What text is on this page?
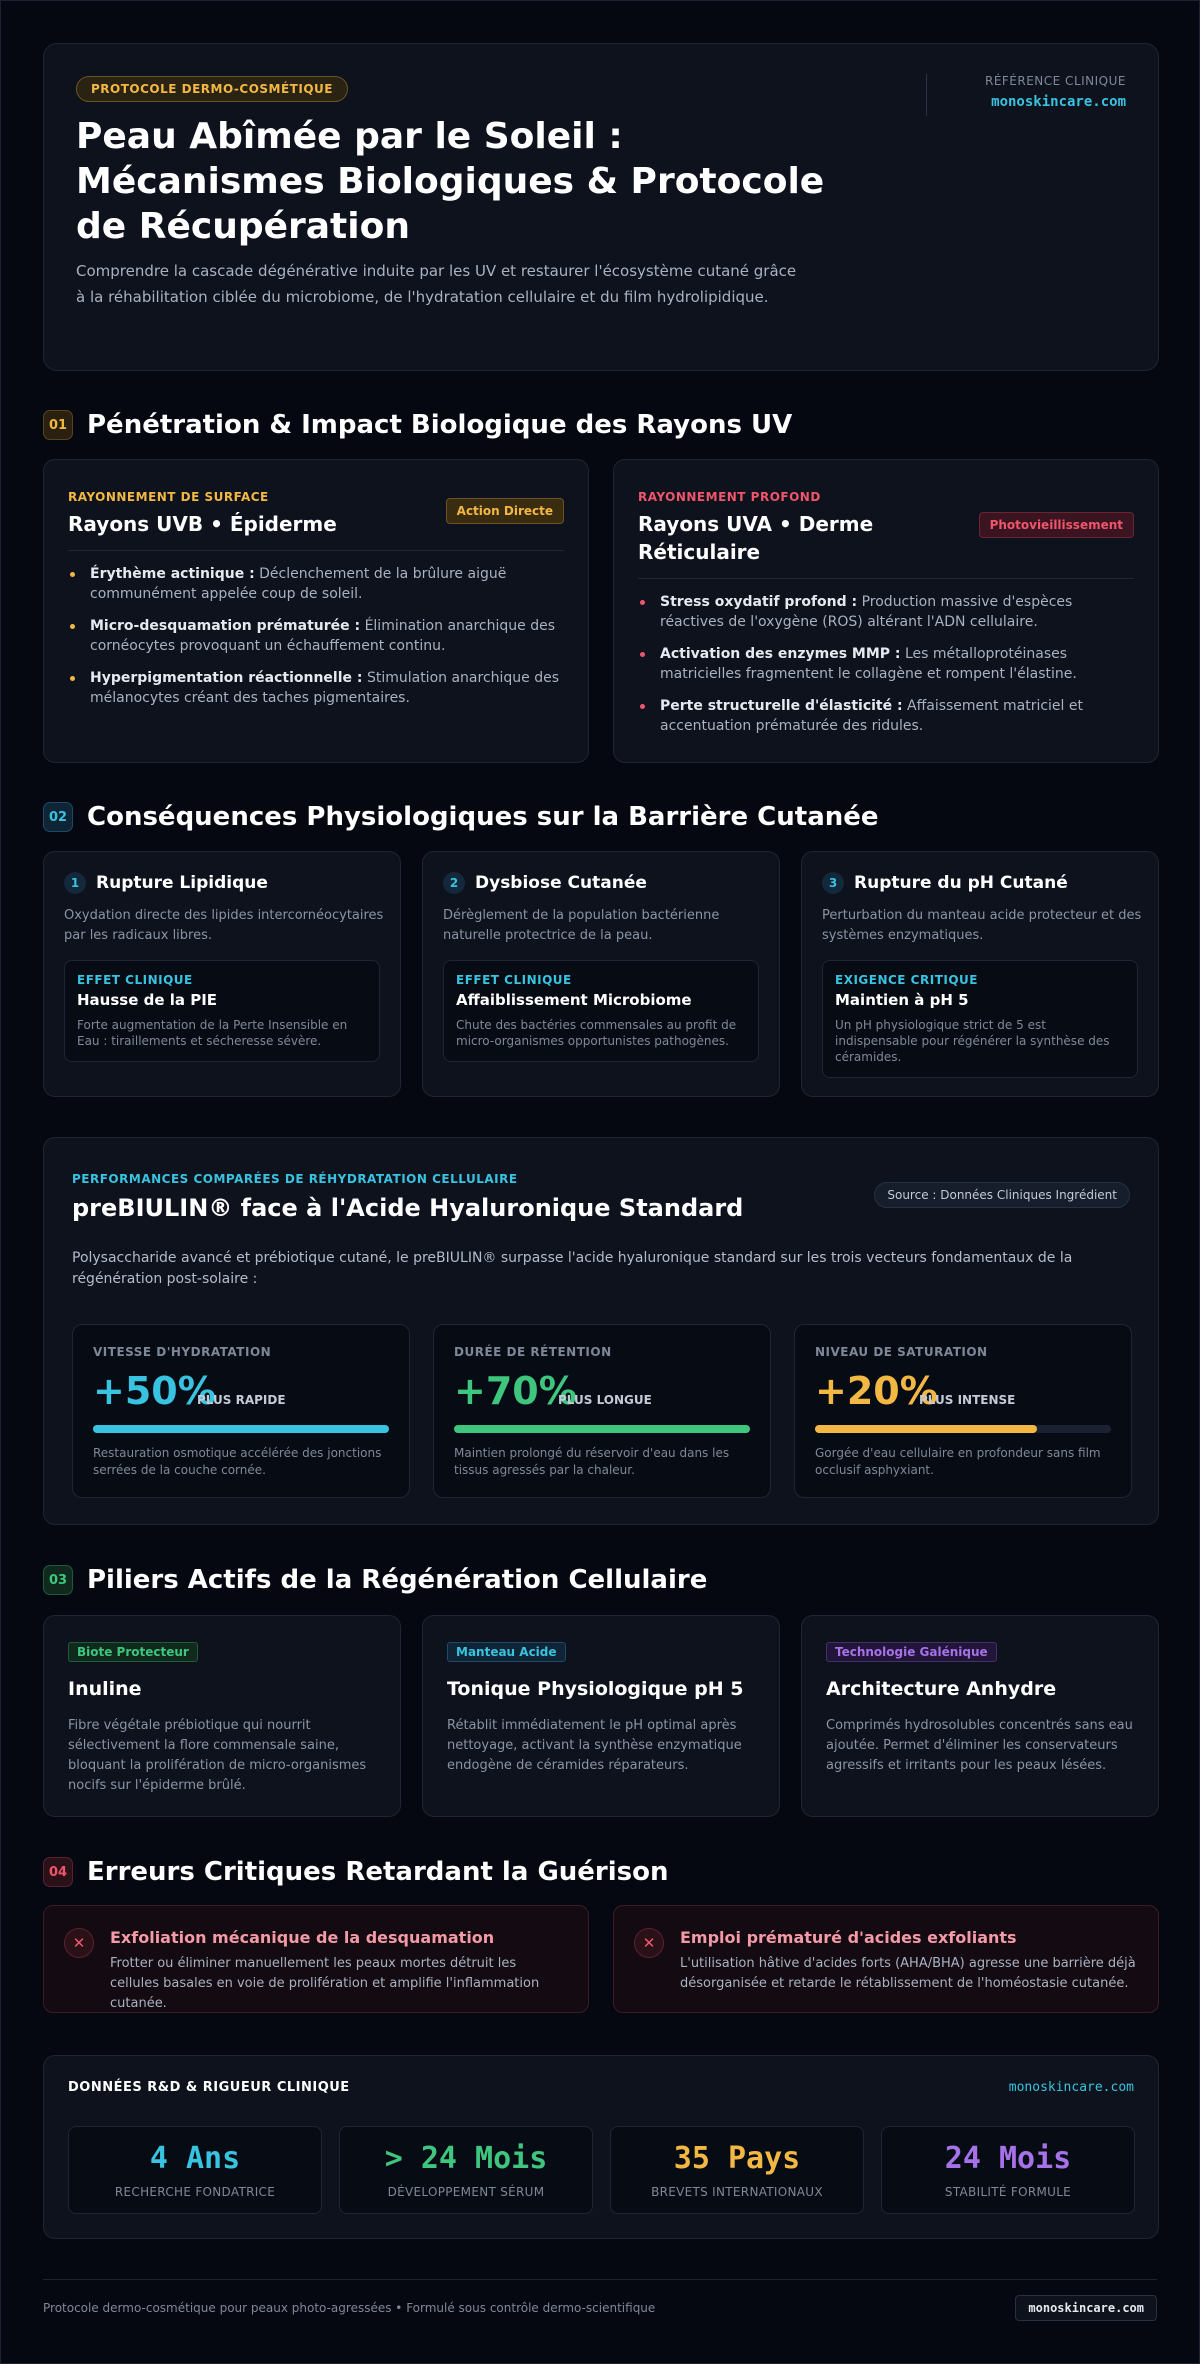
PROTOCOLE DERMO-COSMÉTIQUE
Peau Abîmée par le Soleil : Mécanismes Biologiques & Protocole de Récupération

Comprendre la cascade dégénérative induite par les UV et restaurer l'écosystème cutané grâce à la réhabilitation ciblée du microbiome, de l'hydratation cellulaire et du film hydrolipidique.

RÉFÉRENCE CLINIQUE
monoskincare.com
01 Pénétration & Impact Biologique des Rayons UV
RAYONNEMENT DE SURFACE
Rayons UVB • Épiderme
Action Directe
Érythème actinique : Déclenchement de la brûlure aiguë communément appelée coup de soleil.
Micro-desquamation prématurée : Élimination anarchique des cornéocytes provoquant un échauffement continu.
Hyperpigmentation réactionnelle : Stimulation anarchique des mélanocytes créant des taches pigmentaires.
RAYONNEMENT PROFOND
Rayons UVA • Derme Réticulaire
Photovieillissement
Stress oxydatif profond : Production massive d'espèces réactives de l'oxygène (ROS) altérant l'ADN cellulaire.
Activation des enzymes MMP : Les métalloprotéinases matricielles fragmentent le collagène et rompent l'élastine.
Perte structurelle d'élasticité : Affaissement matriciel et accentuation prématurée des ridules.
02 Conséquences Physiologiques sur la Barrière Cutanée
1 Rupture Lipidique
Oxydation directe des lipides intercornéocytaires par les radicaux libres.
EFFET CLINIQUE
Hausse de la PIE
Forte augmentation de la Perte Insensible en Eau : tiraillements et sécheresse sévère.
2 Dysbiose Cutanée
Dérèglement de la population bactérienne naturelle protectrice de la peau.
EFFET CLINIQUE
Affaiblissement Microbiome
Chute des bactéries commensales au profit de micro-organismes opportunistes pathogènes.
3 Rupture du pH Cutané
Perturbation du manteau acide protecteur et des systèmes enzymatiques.
EXIGENCE CRITIQUE
Maintien à pH 5
Un pH physiologique strict de 5 est indispensable pour régénérer la synthèse des céramides.
PERFORMANCES COMPARÉES DE RÉHYDRATATION CELLULAIRE
preBIULIN® face à l'Acide Hyaluronique Standard	Source : Données Cliniques Ingrédient
Polysaccharide avancé et prébiotique cutané, le preBIULIN® surpasse l'acide hyaluronique standard sur les trois vecteurs fondamentaux de la régénération post-solaire :
VITESSE D'HYDRATATION
+50%
PLUS RAPIDE
Restauration osmotique accélérée des jonctions serrées de la couche cornée.
DURÉE DE RÉTENTION
+70%
PLUS LONGUE
Maintien prolongé du réservoir d'eau dans les tissus agressés par la chaleur.
NIVEAU DE SATURATION
+20%
PLUS INTENSE
Gorgée d'eau cellulaire en profondeur sans film occlusif asphyxiant.
03 Piliers Actifs de la Régénération Cellulaire
Biote Protecteur
Inuline
Fibre végétale prébiotique qui nourrit sélectivement la flore commensale saine, bloquant la prolifération de micro-organismes nocifs sur l'épiderme brûlé.
Manteau Acide
Tonique Physiologique pH 5
Rétablit immédiatement le pH optimal après nettoyage, activant la synthèse enzymatique endogène de céramides réparateurs.
Technologie Galénique
Architecture Anhydre
Comprimés hydrosolubles concentrés sans eau ajoutée. Permet d'éliminer les conservateurs agressifs et irritants pour les peaux lésées.
04 Erreurs Critiques Retardant la Guérison
✕	Exfoliation mécanique de la desquamation
Frotter ou éliminer manuellement les peaux mortes détruit les cellules basales en voie de prolifération et amplifie l'inflammation cutanée.
✕	Emploi prématuré d'acides exfoliants
L'utilisation hâtive d'acides forts (AHA/BHA) agresse une barrière déjà désorganisée et retarde le rétablissement de l'homéostasie cutanée.
DONNÉES R&D & RIGUEUR CLINIQUE	monoskincare.com
4 Ans
RECHERCHE FONDATRICE
> 24 Mois
DÉVELOPPEMENT SÉRUM
35 Pays
BREVETS INTERNATIONAUX
24 Mois
STABILITÉ FORMULE
Protocole dermo-cosmétique pour peaux photo-agressées • Formulé sous contrôle dermo-scientifique	monoskincare.com
